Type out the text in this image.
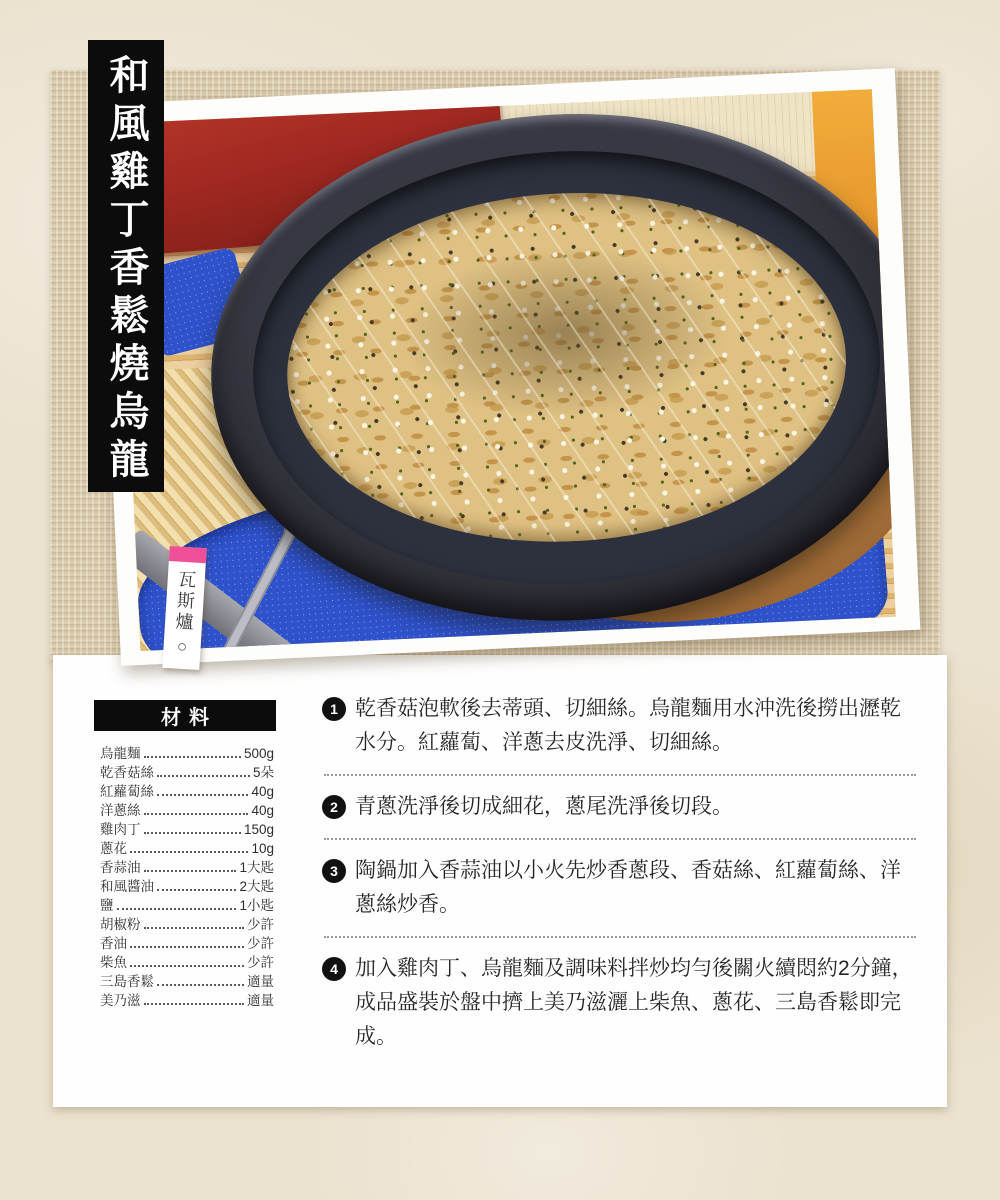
和風雞丁香鬆燒烏龍
瓦斯爐
○
材料
烏龍麵	500g
乾香菇絲	5朵
紅蘿蔔絲	40g
洋蔥絲	40g
雞肉丁	150g
蔥花	10g
香蒜油	1大匙
和風醬油	2大匙
鹽	1小匙
胡椒粉	少許
香油	少許
柴魚	少許
三島香鬆	適量
美乃滋	適量
1 乾香菇泡軟後去蒂頭、切細絲。烏龍麵用水沖洗後撈出瀝乾水分。紅蘿蔔、洋蔥去皮洗淨、切細絲。
2 青蔥洗淨後切成細花，蔥尾洗淨後切段。
3 陶鍋加入香蒜油以小火先炒香蔥段、香菇絲、紅蘿蔔絲、洋蔥絲炒香。
4 加入雞肉丁、烏龍麵及調味料拌炒均勻後關火續悶約2分鐘，成品盛裝於盤中擠上美乃滋灑上柴魚、蔥花、三島香鬆即完成。
